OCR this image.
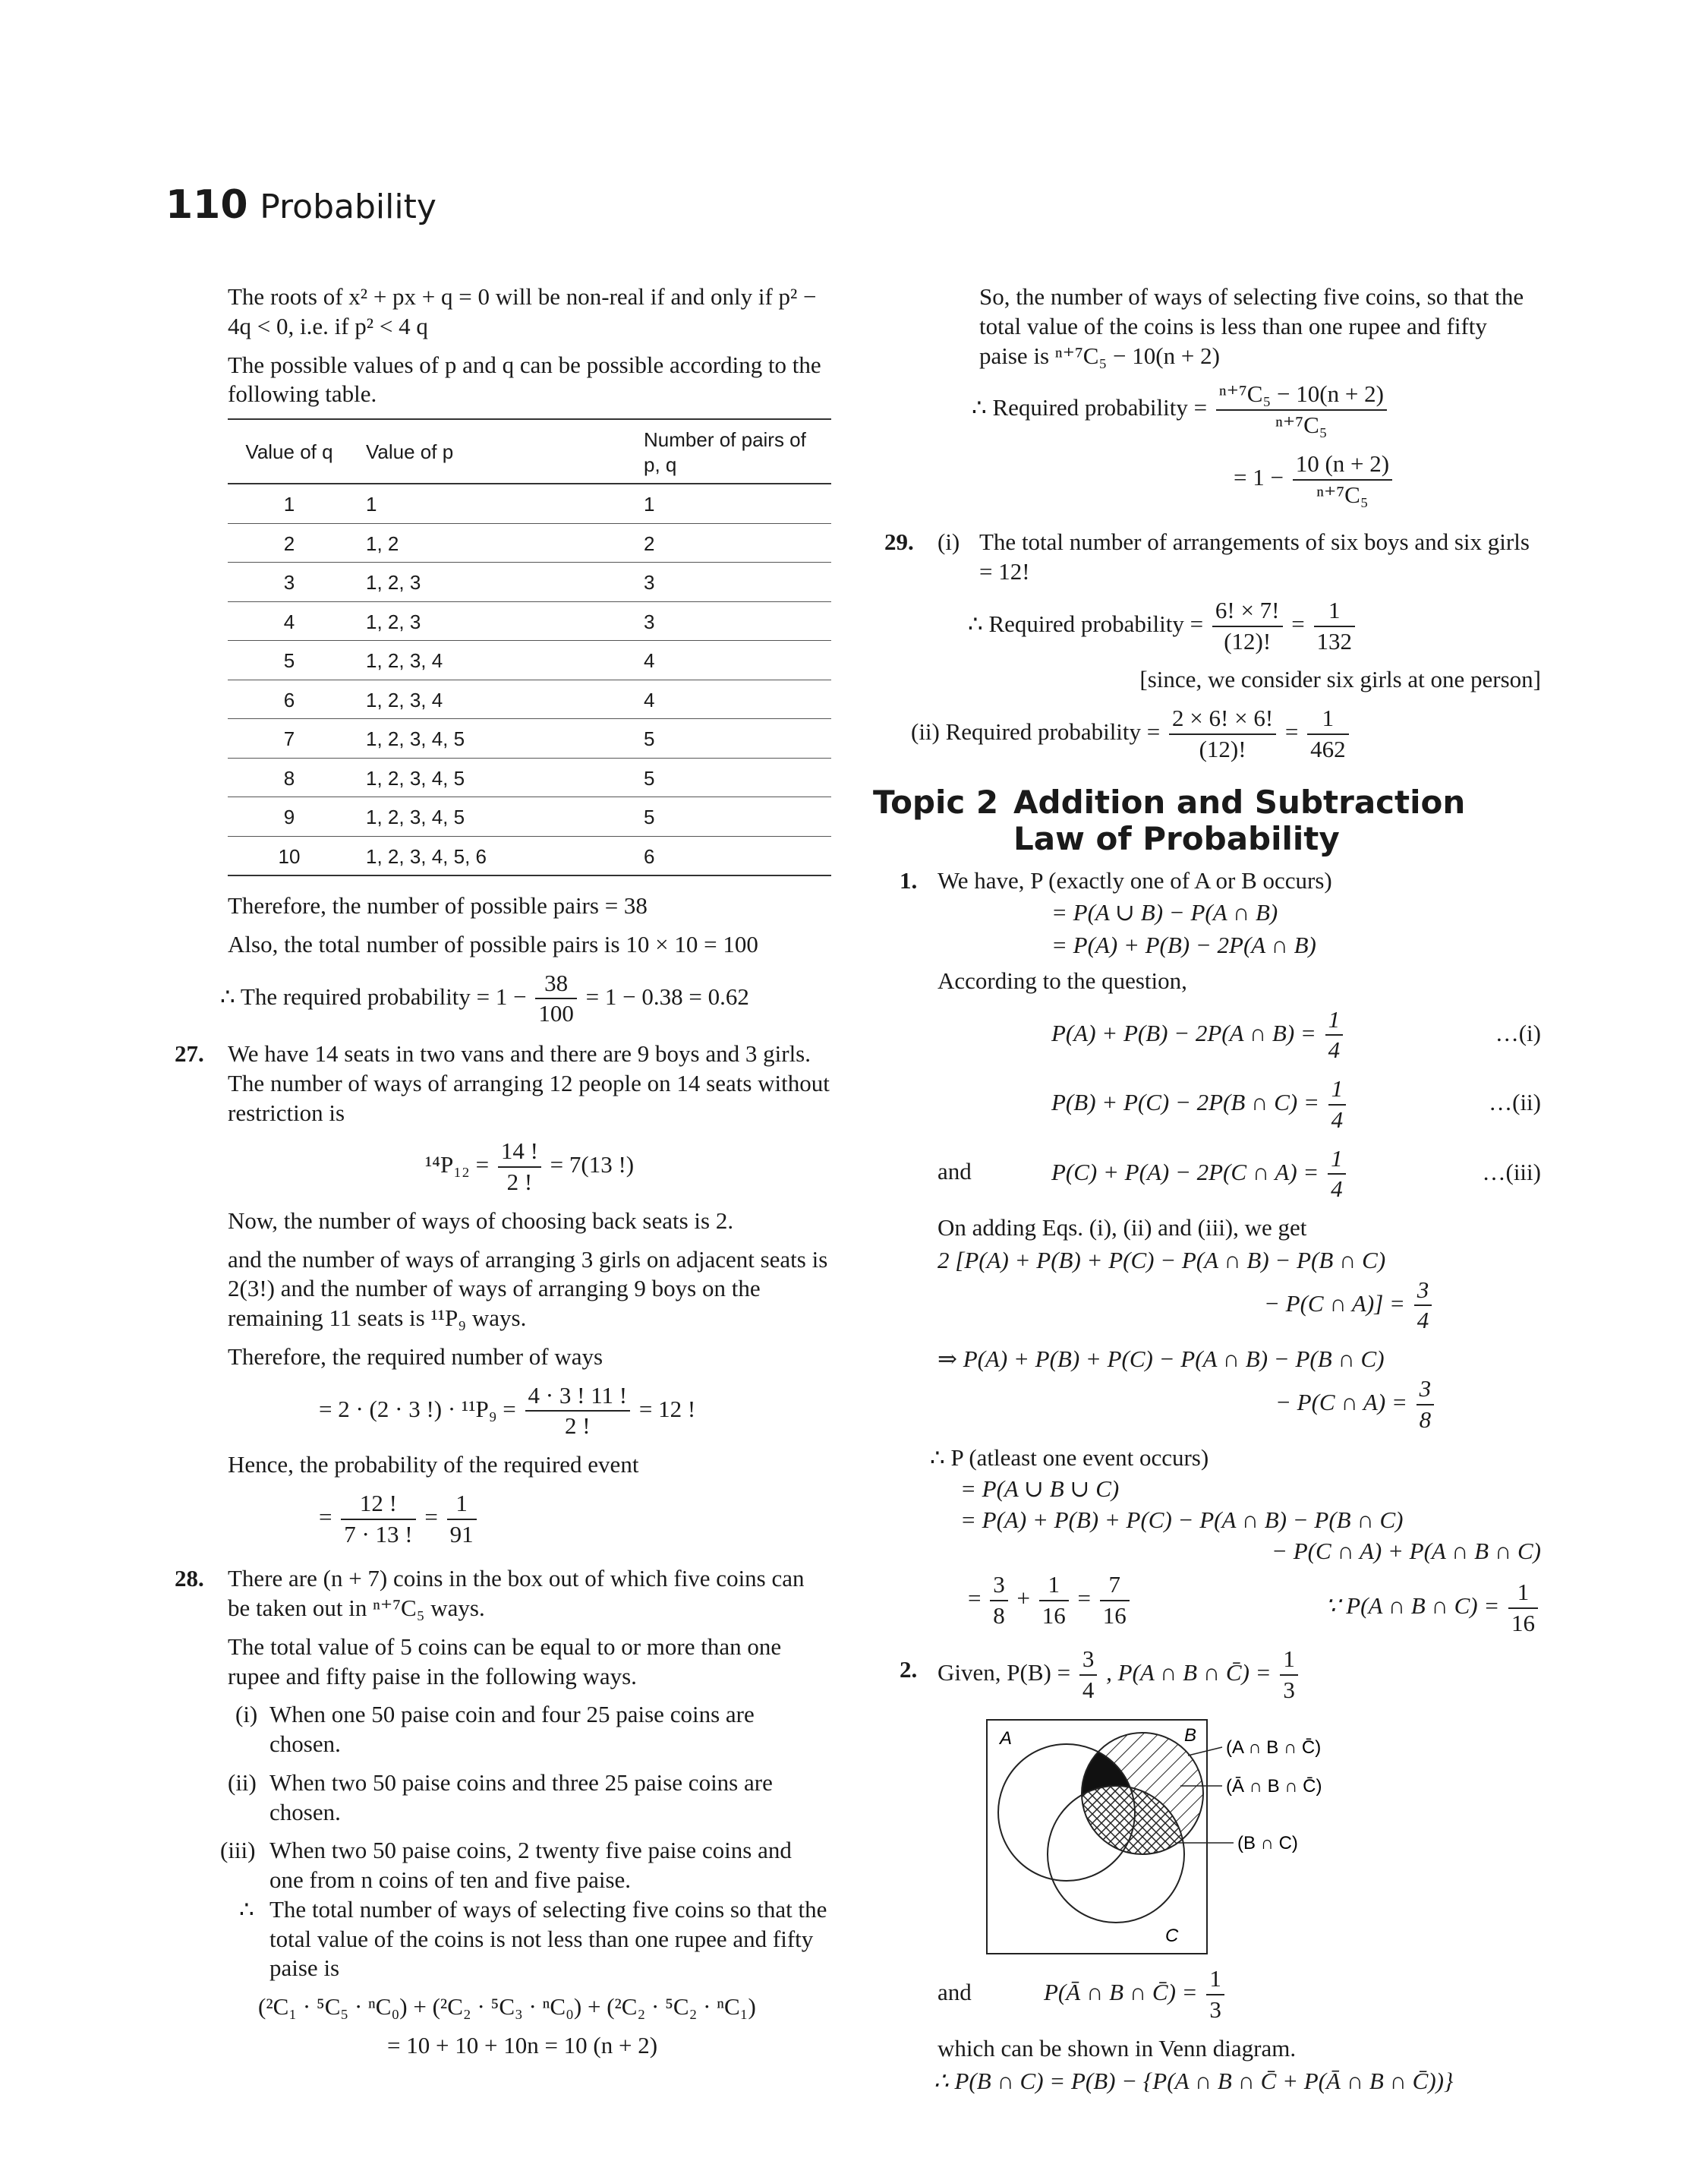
110 Probability

The roots of x² + px + q = 0 will be non-real if and only if p² − 4q < 0, i.e. if p² < 4 q

The possible values of p and q can be possible according to the following table.

Value of q	Value of p	Number of pairs of p, q
1	1	1
2	1, 2	2
3	1, 2, 3	3
4	1, 2, 3	3
5	1, 2, 3, 4	4
6	1, 2, 3, 4	4
7	1, 2, 3, 4, 5	5
8	1, 2, 3, 4, 5	5
9	1, 2, 3, 4, 5	5
10	1, 2, 3, 4, 5, 6	6
Therefore, the number of possible pairs = 38
Also, the total number of possible pairs is 10 × 10 = 100
∴ The required probability = $1 - \frac{38}{100} = 1 - 0.38 = 0.62$
27. We have 14 seats in two vans and there are 9 boys and 3 girls. The number of ways of arranging 12 people on 14 seats without restriction is

$^{14}P_{12} = \frac{14 !}{2 !} = 7(13$ !)

Now, the number of ways of choosing back seats is 2.

and the number of ways of arranging 3 girls on adjacent seats is 2(3!) and the number of ways of arranging 9 boys on the remaining 11 seats is ¹¹P₉ ways.

Therefore, the required number of ways

= 2 · (2 · 3 !) · $^{11}P_9 = \frac{4 \cdot 3 ! 11 !}{2 !} = 12$ !

Hence, the probability of the required event

= $\frac{12 !}{7 \cdot 13 !} = \frac{1}{91}$
28. There are (n + 7) coins in the box out of which five coins can be taken out in ⁿ⁺⁷C₅ ways.

The total value of 5 coins can be equal to or more than one rupee and fifty paise in the following ways.

(i) When one 50 paise coin and four 25 paise coins are chosen.
(ii) When two 50 paise coins and three 25 paise coins are chosen.
(iii) When two 50 paise coins, 2 twenty five paise coins and one from n coins of ten and five paise.
∴ The total number of ways of selecting five coins so that the total value of the coins is not less than one rupee and fifty paise is
(²C₁ · ⁵C₅ · ⁿC₀) + (²C₂ · ⁵C₃ · ⁿC₀) + (²C₂ · ⁵C₂ · ⁿC₁)
= 10 + 10 + 10n = 10 (n + 2)
So, the number of ways of selecting five coins, so that the total value of the coins is less than one rupee and fifty paise is ⁿ⁺⁷C₅ − 10(n + 2)
∴ Required probability = $\frac{\text{ⁿ⁺⁷C₅ − 10(n + 2)}}{\text{ⁿ⁺⁷C₅}}$
= $1 - \frac{10 (n + 2)}{\text{ⁿ⁺⁷C₅}}$
29. (i) The total number of arrangements of six boys and six girls = 12!

∴ Required probability = $\frac{6! \times 7!}{(12)!} = \frac{1}{132}$
[since, we consider six girls at one person]
(ii) Required probability = $\frac{2 \times 6! \times 6!}{(12)!} = \frac{1}{462}$
Topic 2 Addition and Subtraction Law of Probability
1. We have, P (exactly one of A or B occurs)
= P(A ∪ B) − P(A ∩ B)
= P(A) + P(B) − 2P(A ∩ B)
According to the question,
P(A) + P(B) − 2P(A ∩ $B) = \frac{1}{4}$	…(i)
P(B) + P(C) − 2P(B ∩ $C) = \frac{1}{4}$	…(ii)
and	P(C) + P(A) − 2P(C ∩ $A) = \frac{1}{4}$	…(iii)
On adding Eqs. (i), (ii) and (iii), we get
2 [P(A) + P(B) + P(C) − P(A ∩ B) − P(B ∩ C)
− P(C ∩ $A)] = \frac{3}{4}$
⇒ P(A) + P(B) + P(C) − P(A ∩ B) − P(B ∩ C)
− P(C ∩ $A) = \frac{3}{8}$
∴ P (atleast one event occurs)
= P(A ∪ B ∪ C)
= P(A) + P(B) + P(C) − P(A ∩ B) − P(B ∩ C)
− P(C ∩ A) + P(A ∩ B ∩ C)
= $\frac{3}{8} + \frac{1}{16} = \frac{7}{16}$	∵ P(A ∩ B ∩ $C) = \frac{1}{16}$
2. Given, $P(B) = \frac{3}{4}$ , P(A ∩ B ∩ C̄) = $\frac{1}{3}$
A	B
C
(A ∩ B ∩ C̄)
(Ā ∩ B ∩ C̄)
(B ∩ C)
and	P(Ā ∩ B ∩ C̄) = $\frac{1}{3}$
which can be shown in Venn diagram.
∴ P(B ∩ C) = P(B) − {P(A ∩ B ∩ C̄ + P(Ā ∩ B ∩ C̄))}
